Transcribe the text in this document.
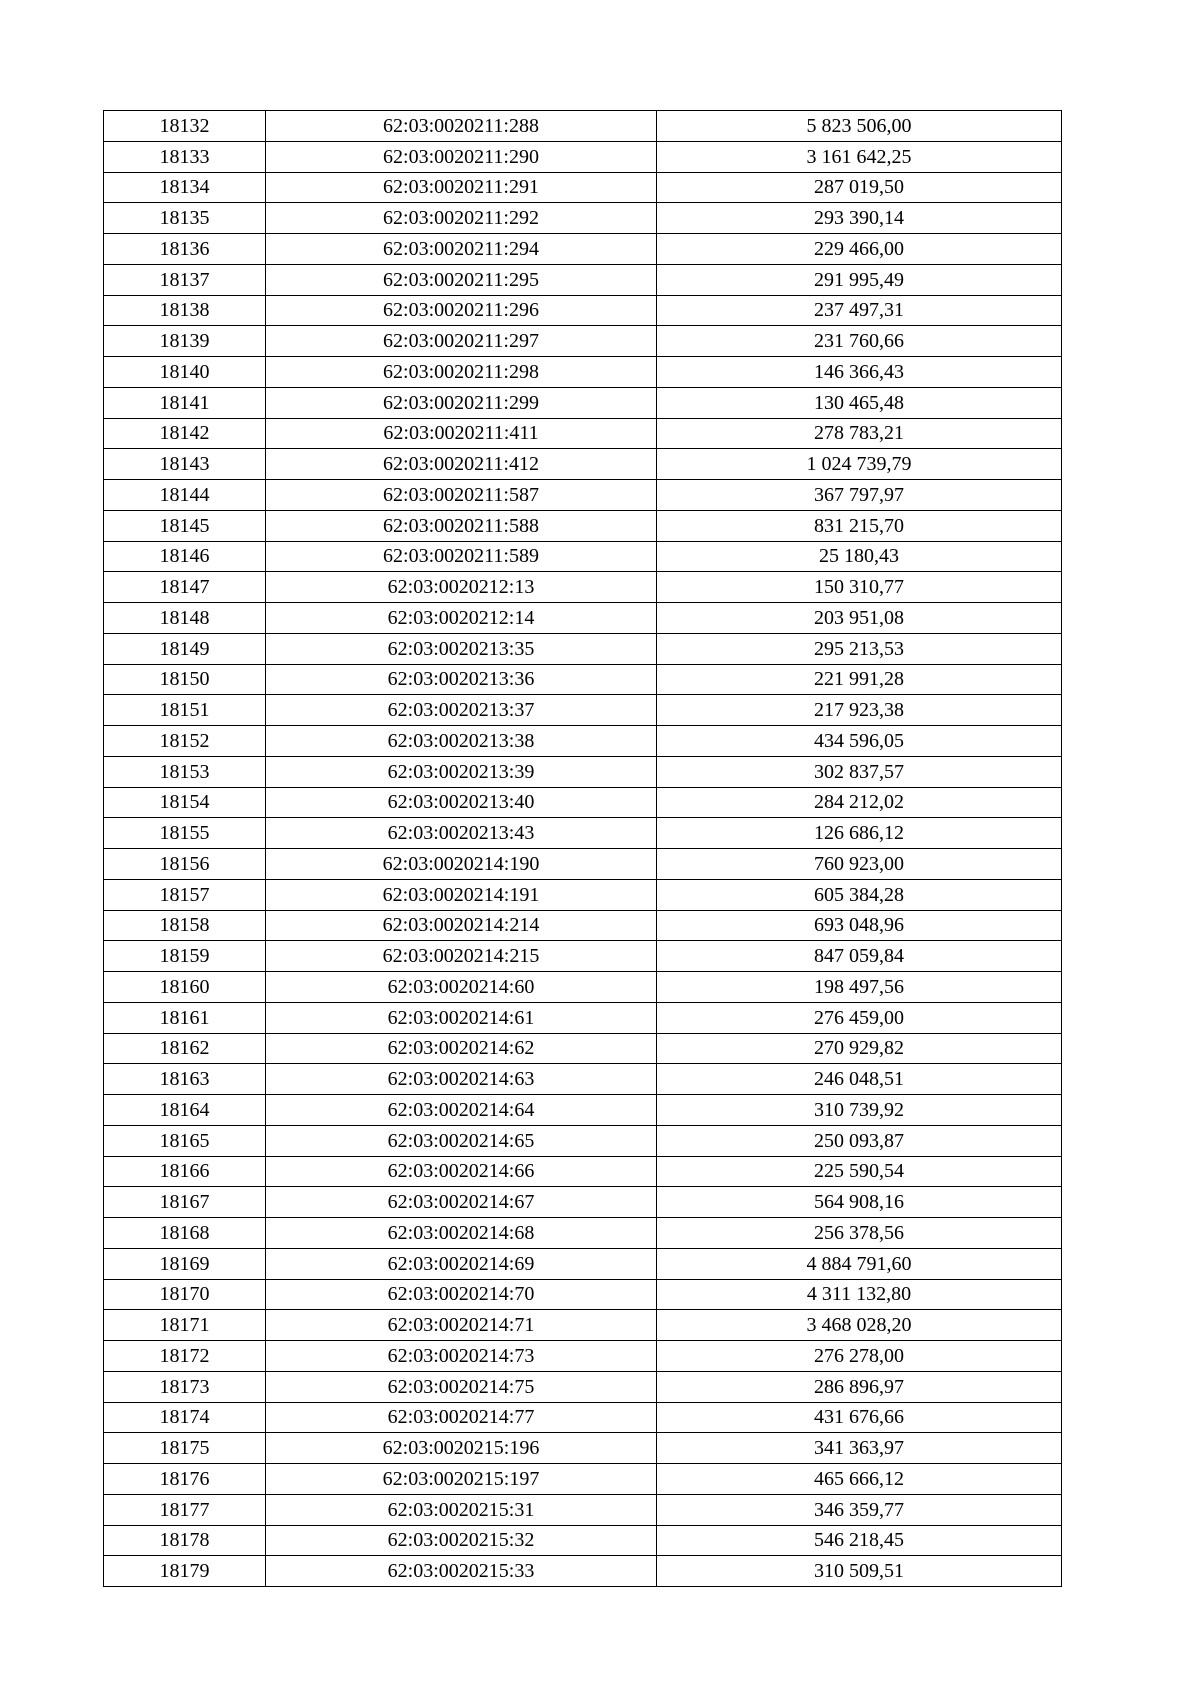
18132	62:03:0020211:288	5 823 506,00
18133	62:03:0020211:290	3 161 642,25
18134	62:03:0020211:291	287 019,50
18135	62:03:0020211:292	293 390,14
18136	62:03:0020211:294	229 466,00
18137	62:03:0020211:295	291 995,49
18138	62:03:0020211:296	237 497,31
18139	62:03:0020211:297	231 760,66
18140	62:03:0020211:298	146 366,43
18141	62:03:0020211:299	130 465,48
18142	62:03:0020211:411	278 783,21
18143	62:03:0020211:412	1 024 739,79
18144	62:03:0020211:587	367 797,97
18145	62:03:0020211:588	831 215,70
18146	62:03:0020211:589	25 180,43
18147	62:03:0020212:13	150 310,77
18148	62:03:0020212:14	203 951,08
18149	62:03:0020213:35	295 213,53
18150	62:03:0020213:36	221 991,28
18151	62:03:0020213:37	217 923,38
18152	62:03:0020213:38	434 596,05
18153	62:03:0020213:39	302 837,57
18154	62:03:0020213:40	284 212,02
18155	62:03:0020213:43	126 686,12
18156	62:03:0020214:190	760 923,00
18157	62:03:0020214:191	605 384,28
18158	62:03:0020214:214	693 048,96
18159	62:03:0020214:215	847 059,84
18160	62:03:0020214:60	198 497,56
18161	62:03:0020214:61	276 459,00
18162	62:03:0020214:62	270 929,82
18163	62:03:0020214:63	246 048,51
18164	62:03:0020214:64	310 739,92
18165	62:03:0020214:65	250 093,87
18166	62:03:0020214:66	225 590,54
18167	62:03:0020214:67	564 908,16
18168	62:03:0020214:68	256 378,56
18169	62:03:0020214:69	4 884 791,60
18170	62:03:0020214:70	4 311 132,80
18171	62:03:0020214:71	3 468 028,20
18172	62:03:0020214:73	276 278,00
18173	62:03:0020214:75	286 896,97
18174	62:03:0020214:77	431 676,66
18175	62:03:0020215:196	341 363,97
18176	62:03:0020215:197	465 666,12
18177	62:03:0020215:31	346 359,77
18178	62:03:0020215:32	546 218,45
18179	62:03:0020215:33	310 509,51
